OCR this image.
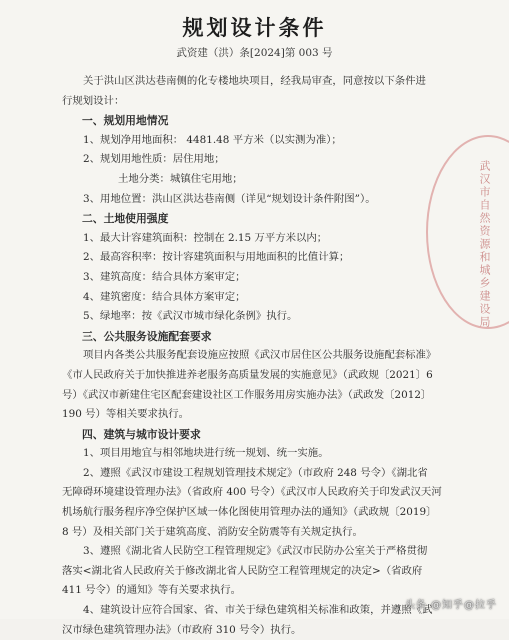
规划设计条件
武资建（洪）条[2024]第 003 号
关于洪山区洪达巷南侧的化专楼地块项目，经我局审查，同意按以下条件进
行规划设计：
一、规划用地情况
1、规划净用地面积： 4481.48 平方米（以实测为准）；
2、规划用地性质：居住用地；
土地分类：城镇住宅用地；
3、用地位置：洪山区洪达巷南侧（详见“规划设计条件附图”）。
二、土地使用强度
1、最大计容建筑面积：控制在 2.15 万平方米以内；
2、最高容积率：按计容建筑面积与用地面积的比值计算；
3、建筑高度：结合具体方案审定；
4、建筑密度：结合具体方案审定；
5、绿地率：按《武汉市城市绿化条例》执行。
三、公共服务设施配套要求
项目内各类公共服务配套设施应按照《武汉市居住区公共服务设施配套标准》
《市人民政府关于加快推进养老服务高质量发展的实施意见》（武政规〔2021〕6
号）《武汉市新建住宅区配套建设社区工作服务用房实施办法》（武政发〔2012〕
190 号）等相关要求执行。
四、建筑与城市设计要求
1、项目用地宜与相邻地块进行统一规划、统一实施。
2、遵照《武汉市建设工程规划管理技术规定》（市政府 248 号令）《湖北省
无障碍环境建设管理办法》（省政府 400 号令）《武汉市人民政府关于印发武汉天河
机场航行服务程序净空保护区域一体化图使用管理办法的通知》（武政规〔2019〕
8 号）及相关部门关于建筑高度、消防安全防震等有关规定执行。
3、遵照《湖北省人民防空工程管理规定》《武汉市民防办公室关于严格贯彻
落实<湖北省人民政府关于修改湖北省人民防空工程管理规定的决定>（省政府
411 号令）的通知》等有关要求执行。
4、建筑设计应符合国家、省、市关于绿色建筑相关标准和政策，并遵照《武
汉市绿色建筑管理办法》（市政府 310 号令）执行。
武汉市自然资源和城乡建设局
头条 @知乎@拉乎
